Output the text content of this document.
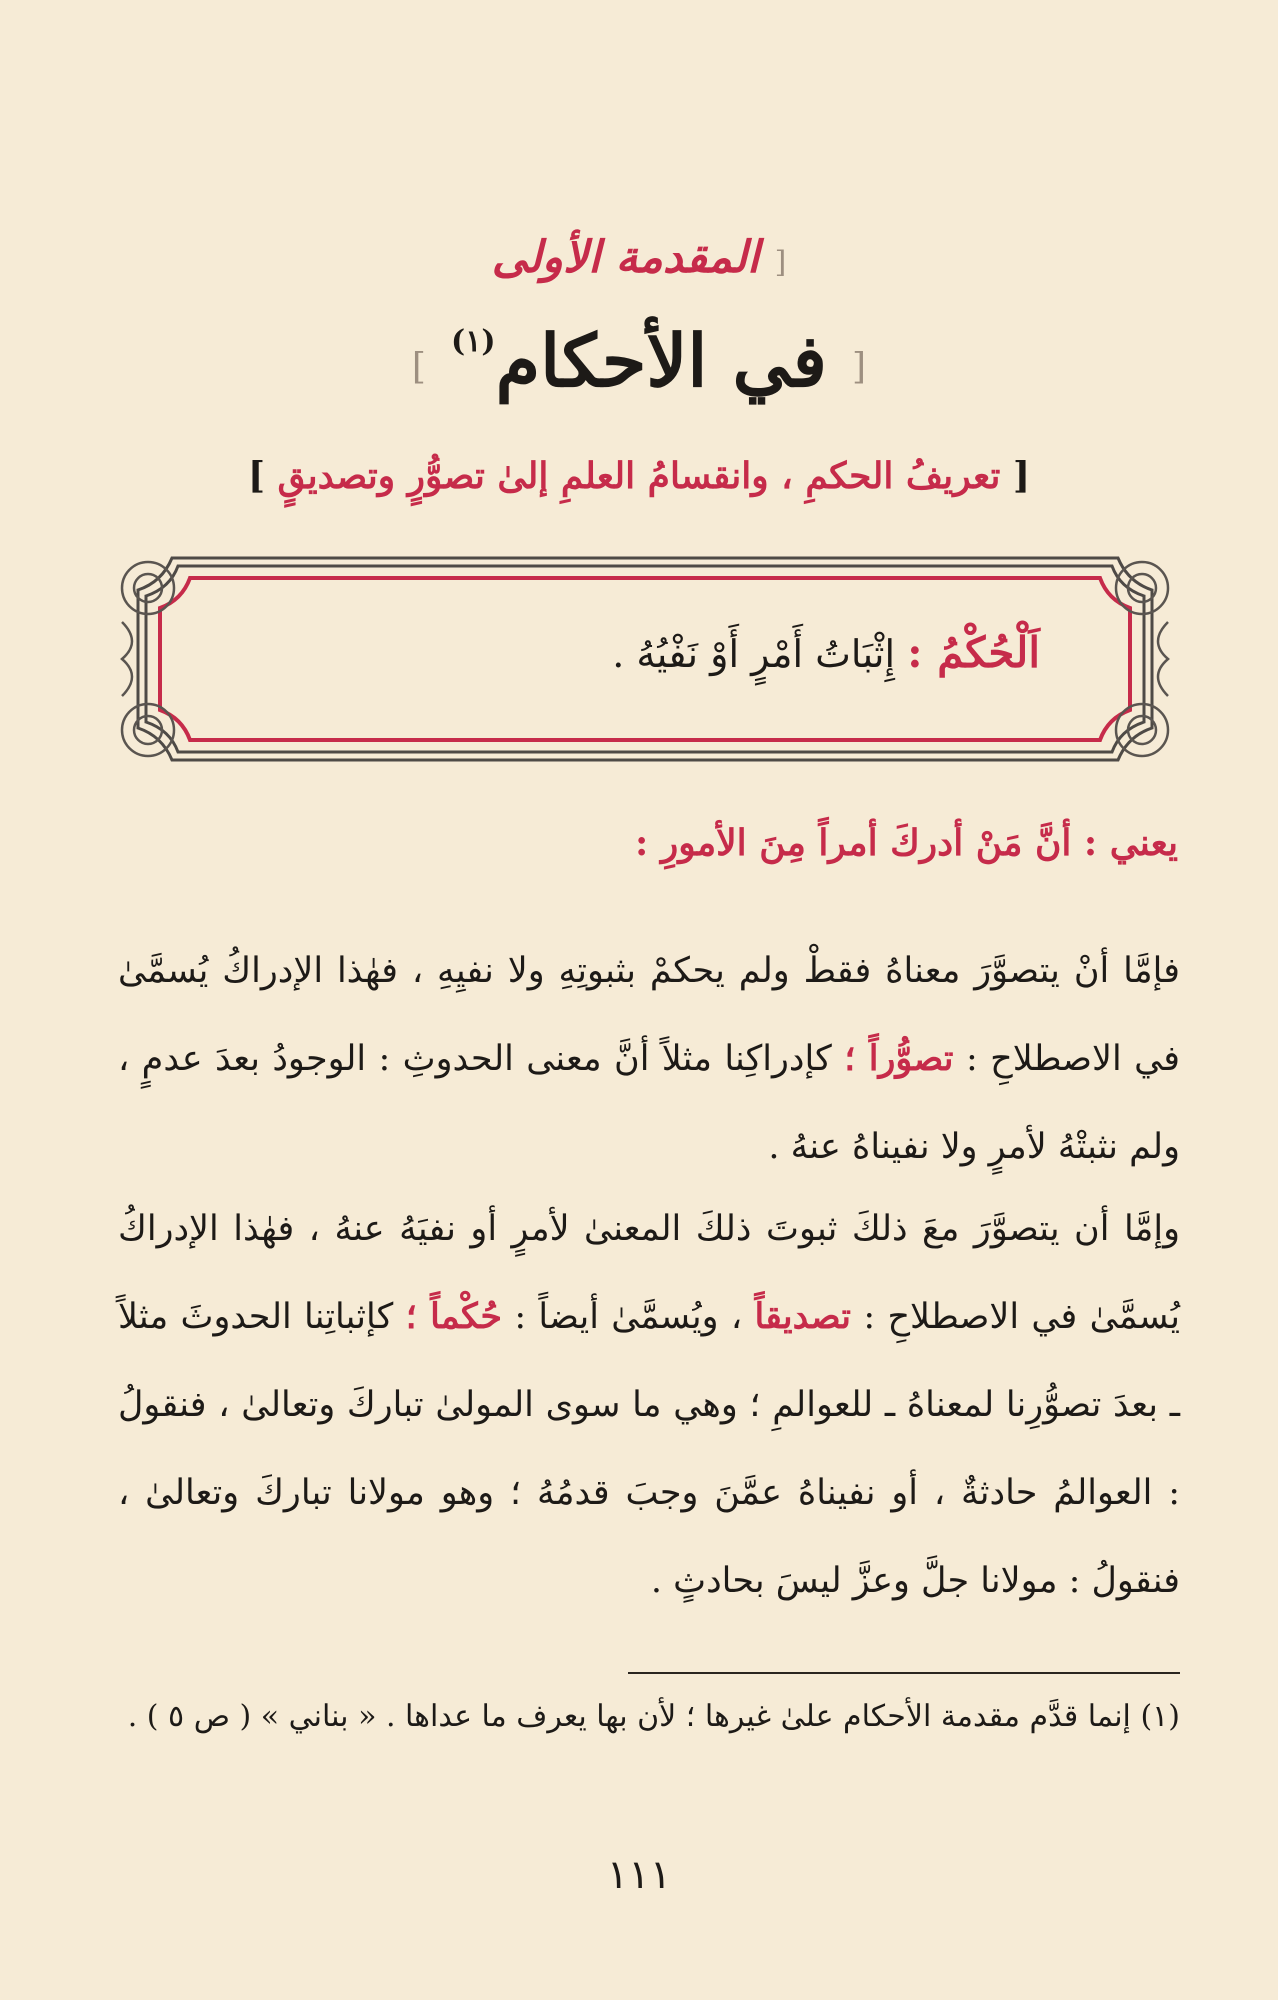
[ المقدمة الأولى
[ في الأحكام$^{(١)}$ ]
[ تعريفُ الحكمِ ، وانقسامُ العلمِ إلىٰ تصوُّرٍ وتصديقٍ ]
اَلْحُكْمُ : إِثْبَاتُ أَمْرٍ أَوْ نَفْيُهُ .
يعني : أنَّ مَنْ أدركَ أمراً مِنَ الأمورِ :

فإمَّا أنْ يتصوَّرَ معناهُ فقطْ ولم يحكمْ بثبوتِهِ ولا نفيِهِ ، فهٰذا الإدراكُ يُسمَّىٰ في الاصطلاحِ : تصوُّراً ؛ كإدراكِنا مثلاً أنَّ معنى الحدوثِ : الوجودُ بعدَ عدمٍ ، ولم نثبتْهُ لأمرٍ ولا نفيناهُ عنهُ .

وإمَّا أن يتصوَّرَ معَ ذلكَ ثبوتَ ذلكَ المعنىٰ لأمرٍ أو نفيَهُ عنهُ ، فهٰذا الإدراكُ يُسمَّىٰ في الاصطلاحِ : تصديقاً ، ويُسمَّىٰ أيضاً : حُكْماً ؛ كإثباتِنا الحدوثَ مثلاً ـ بعدَ تصوُّرِنا لمعناهُ ـ للعوالمِ ؛ وهي ما سوى المولىٰ تباركَ وتعالىٰ ، فنقولُ : العوالمُ حادثةٌ ، أو نفيناهُ عمَّنَ وجبَ قدمُهُ ؛ وهو مولانا تباركَ وتعالىٰ ، فنقولُ : مولانا جلَّ وعزَّ ليسَ بحادثٍ .

(١) إنما قدَّم مقدمة الأحكام علىٰ غيرها ؛ لأن بها يعرف ما عداها . « بناني » ( ص ٥ ) .
١١١
